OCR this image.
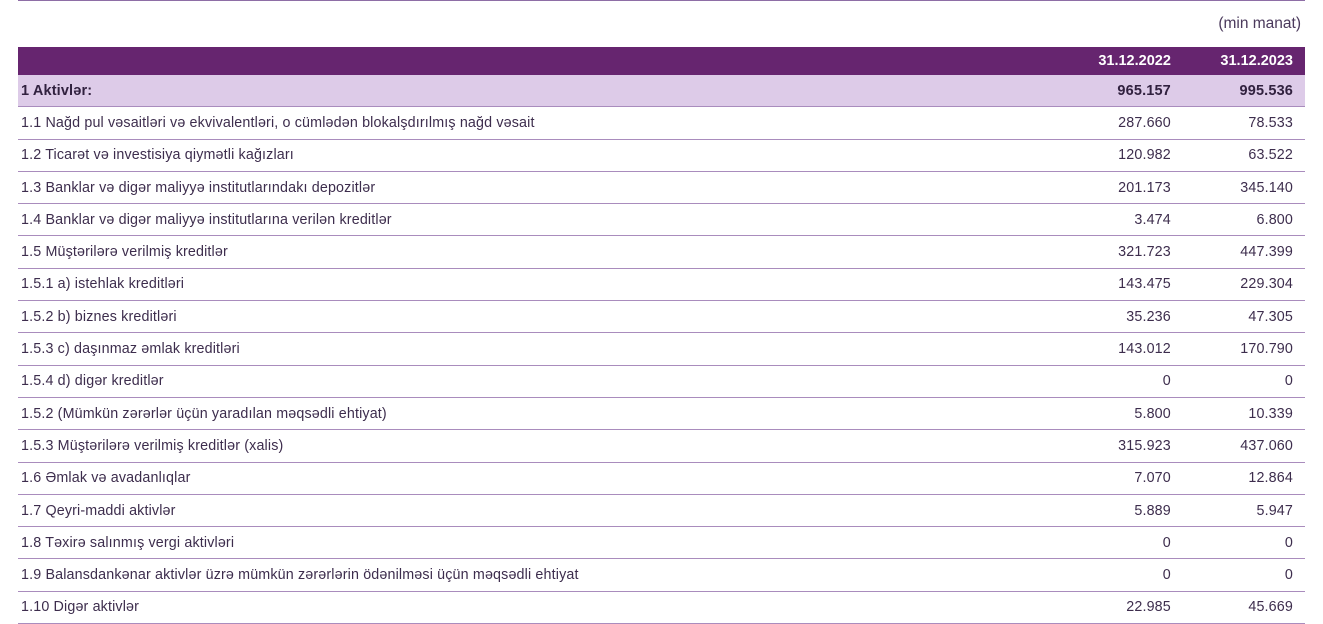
(min manat)
	31.12.2022	31.12.2023
1 Aktivlər:	965.157	995.536
1.1 Nağd pul vəsaitləri və ekvivalentləri, o cümlədən blokalşdırılmış nağd vəsait	287.660	78.533
1.2 Ticarət və investisiya qiymətli kağızları	120.982	63.522
1.3 Banklar və digər maliyyə institutlarındakı depozitlər	201.173	345.140
1.4 Banklar və digər maliyyə institutlarına verilən kreditlər	3.474	6.800
1.5 Müştərilərə verilmiş kreditlər	321.723	447.399
1.5.1 a) istehlak kreditləri	143.475	229.304
1.5.2 b) biznes kreditləri	35.236	47.305
1.5.3 c) daşınmaz əmlak kreditləri	143.012	170.790
1.5.4 d) digər kreditlər	0	0
1.5.2 (Mümkün zərərlər üçün yaradılan məqsədli ehtiyat)	5.800	10.339
1.5.3 Müştərilərə verilmiş kreditlər (xalis)	315.923	437.060
1.6 Əmlak və avadanlıqlar	7.070	12.864
1.7 Qeyri-maddi aktivlər	5.889	5.947
1.8 Təxirə salınmış vergi aktivləri	0	0
1.9 Balansdankənar aktivlər üzrə mümkün zərərlərin ödənilməsi üçün məqsədli ehtiyat	0	0
1.10 Digər aktivlər	22.985	45.669
